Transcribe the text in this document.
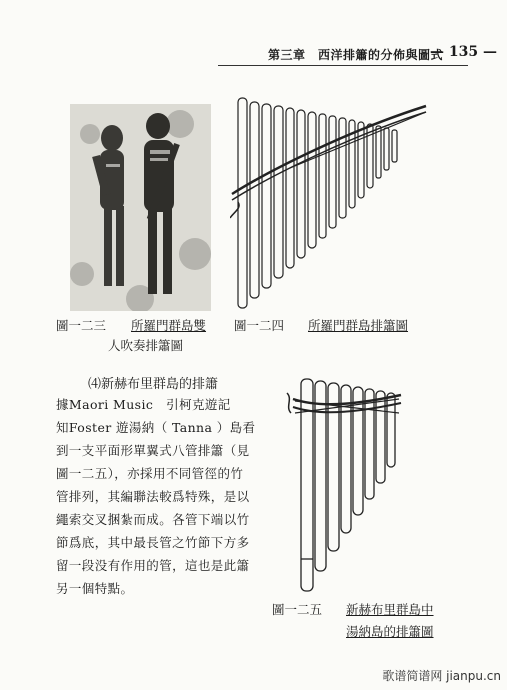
第三章　西洋排簫的分佈與圖式
— 135 —
圖一二三 所羅門群島雙
人吹奏排簫圖
圖一二四 所羅門群島排簫圖
⑷新赫布里群島的排簫
據Maori Music　引柯克遊記
知Foster 遊湯納（ Tanna ）島看
到一支平面形單翼式八管排簫（見
圖一二五），亦採用不同管徑的竹
管排列，其編聯法較爲特殊，是以
繩索交叉捆紮而成。各管下端以竹
節爲底，其中最長管之竹節下方多
留一段没有作用的管，這也是此簫
另一個特點。
圖一二五 新赫布里群島中
湯納島的排簫圖
歌谱简谱网 jianpu.cn
